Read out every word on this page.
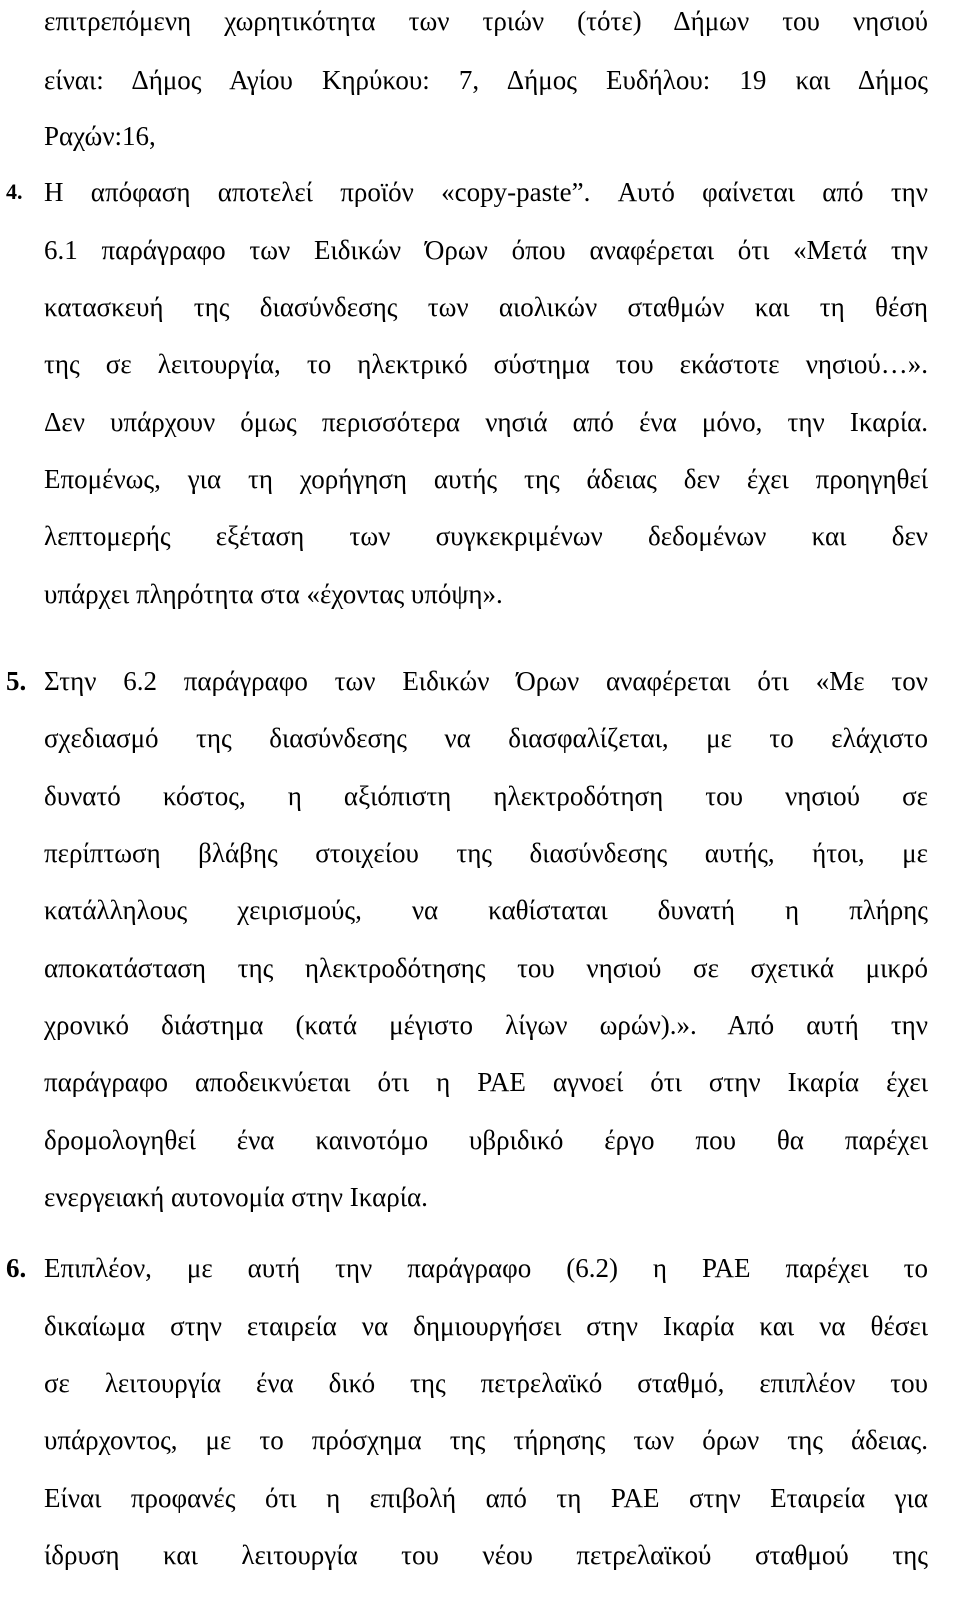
επιτρεπόμενη χωρητικότητα των τριών (τότε) Δήμων του νησιού
είναι: Δήμος Αγίου Κηρύκου: 7, Δήμος Ευδήλου: 19 και Δήμος
Ραχών:16,
4. Η απόφαση αποτελεί προϊόν «copy-paste”. Αυτό φαίνεται από την
6.1 παράγραφο των Ειδικών Όρων όπου αναφέρεται ότι «Μετά την
κατασκευή της διασύνδεσης των αιολικών σταθμών και τη θέση
της σε λειτουργία, το ηλεκτρικό σύστημα του εκάστοτε νησιού…».
Δεν υπάρχουν όμως περισσότερα νησιά από ένα μόνο, την Ικαρία.
Επομένως, για τη χορήγηση αυτής της άδειας δεν έχει προηγηθεί
λεπτομερής εξέταση των συγκεκριμένων δεδομένων και δεν
υπάρχει πληρότητα στα «έχοντας υπόψη».
5. Στην 6.2 παράγραφο των Ειδικών Όρων αναφέρεται ότι «Με τον
σχεδιασμό της διασύνδεσης να διασφαλίζεται, με το ελάχιστο
δυνατό κόστος, η αξιόπιστη ηλεκτροδότηση του νησιού σε
περίπτωση βλάβης στοιχείου της διασύνδεσης αυτής, ήτοι, με
κατάλληλους χειρισμούς, να καθίσταται δυνατή η πλήρης
αποκατάσταση της ηλεκτροδότησης του νησιού σε σχετικά μικρό
χρονικό διάστημα (κατά μέγιστο λίγων ωρών).». Από αυτή την
παράγραφο αποδεικνύεται ότι η ΡΑΕ αγνοεί ότι στην Ικαρία έχει
δρομολογηθεί ένα καινοτόμο υβριδικό έργο που θα παρέχει
ενεργειακή αυτονομία στην Ικαρία.
6. Επιπλέον, με αυτή την παράγραφο (6.2) η ΡΑΕ παρέχει το
δικαίωμα στην εταιρεία να δημιουργήσει στην Ικαρία και να θέσει
σε λειτουργία ένα δικό της πετρελαϊκό σταθμό, επιπλέον του
υπάρχοντος, με το πρόσχημα της τήρησης των όρων της άδειας.
Είναι προφανές ότι η επιβολή από τη ΡΑΕ στην Εταιρεία για
ίδρυση και λειτουργία του νέου πετρελαϊκού σταθμού της
